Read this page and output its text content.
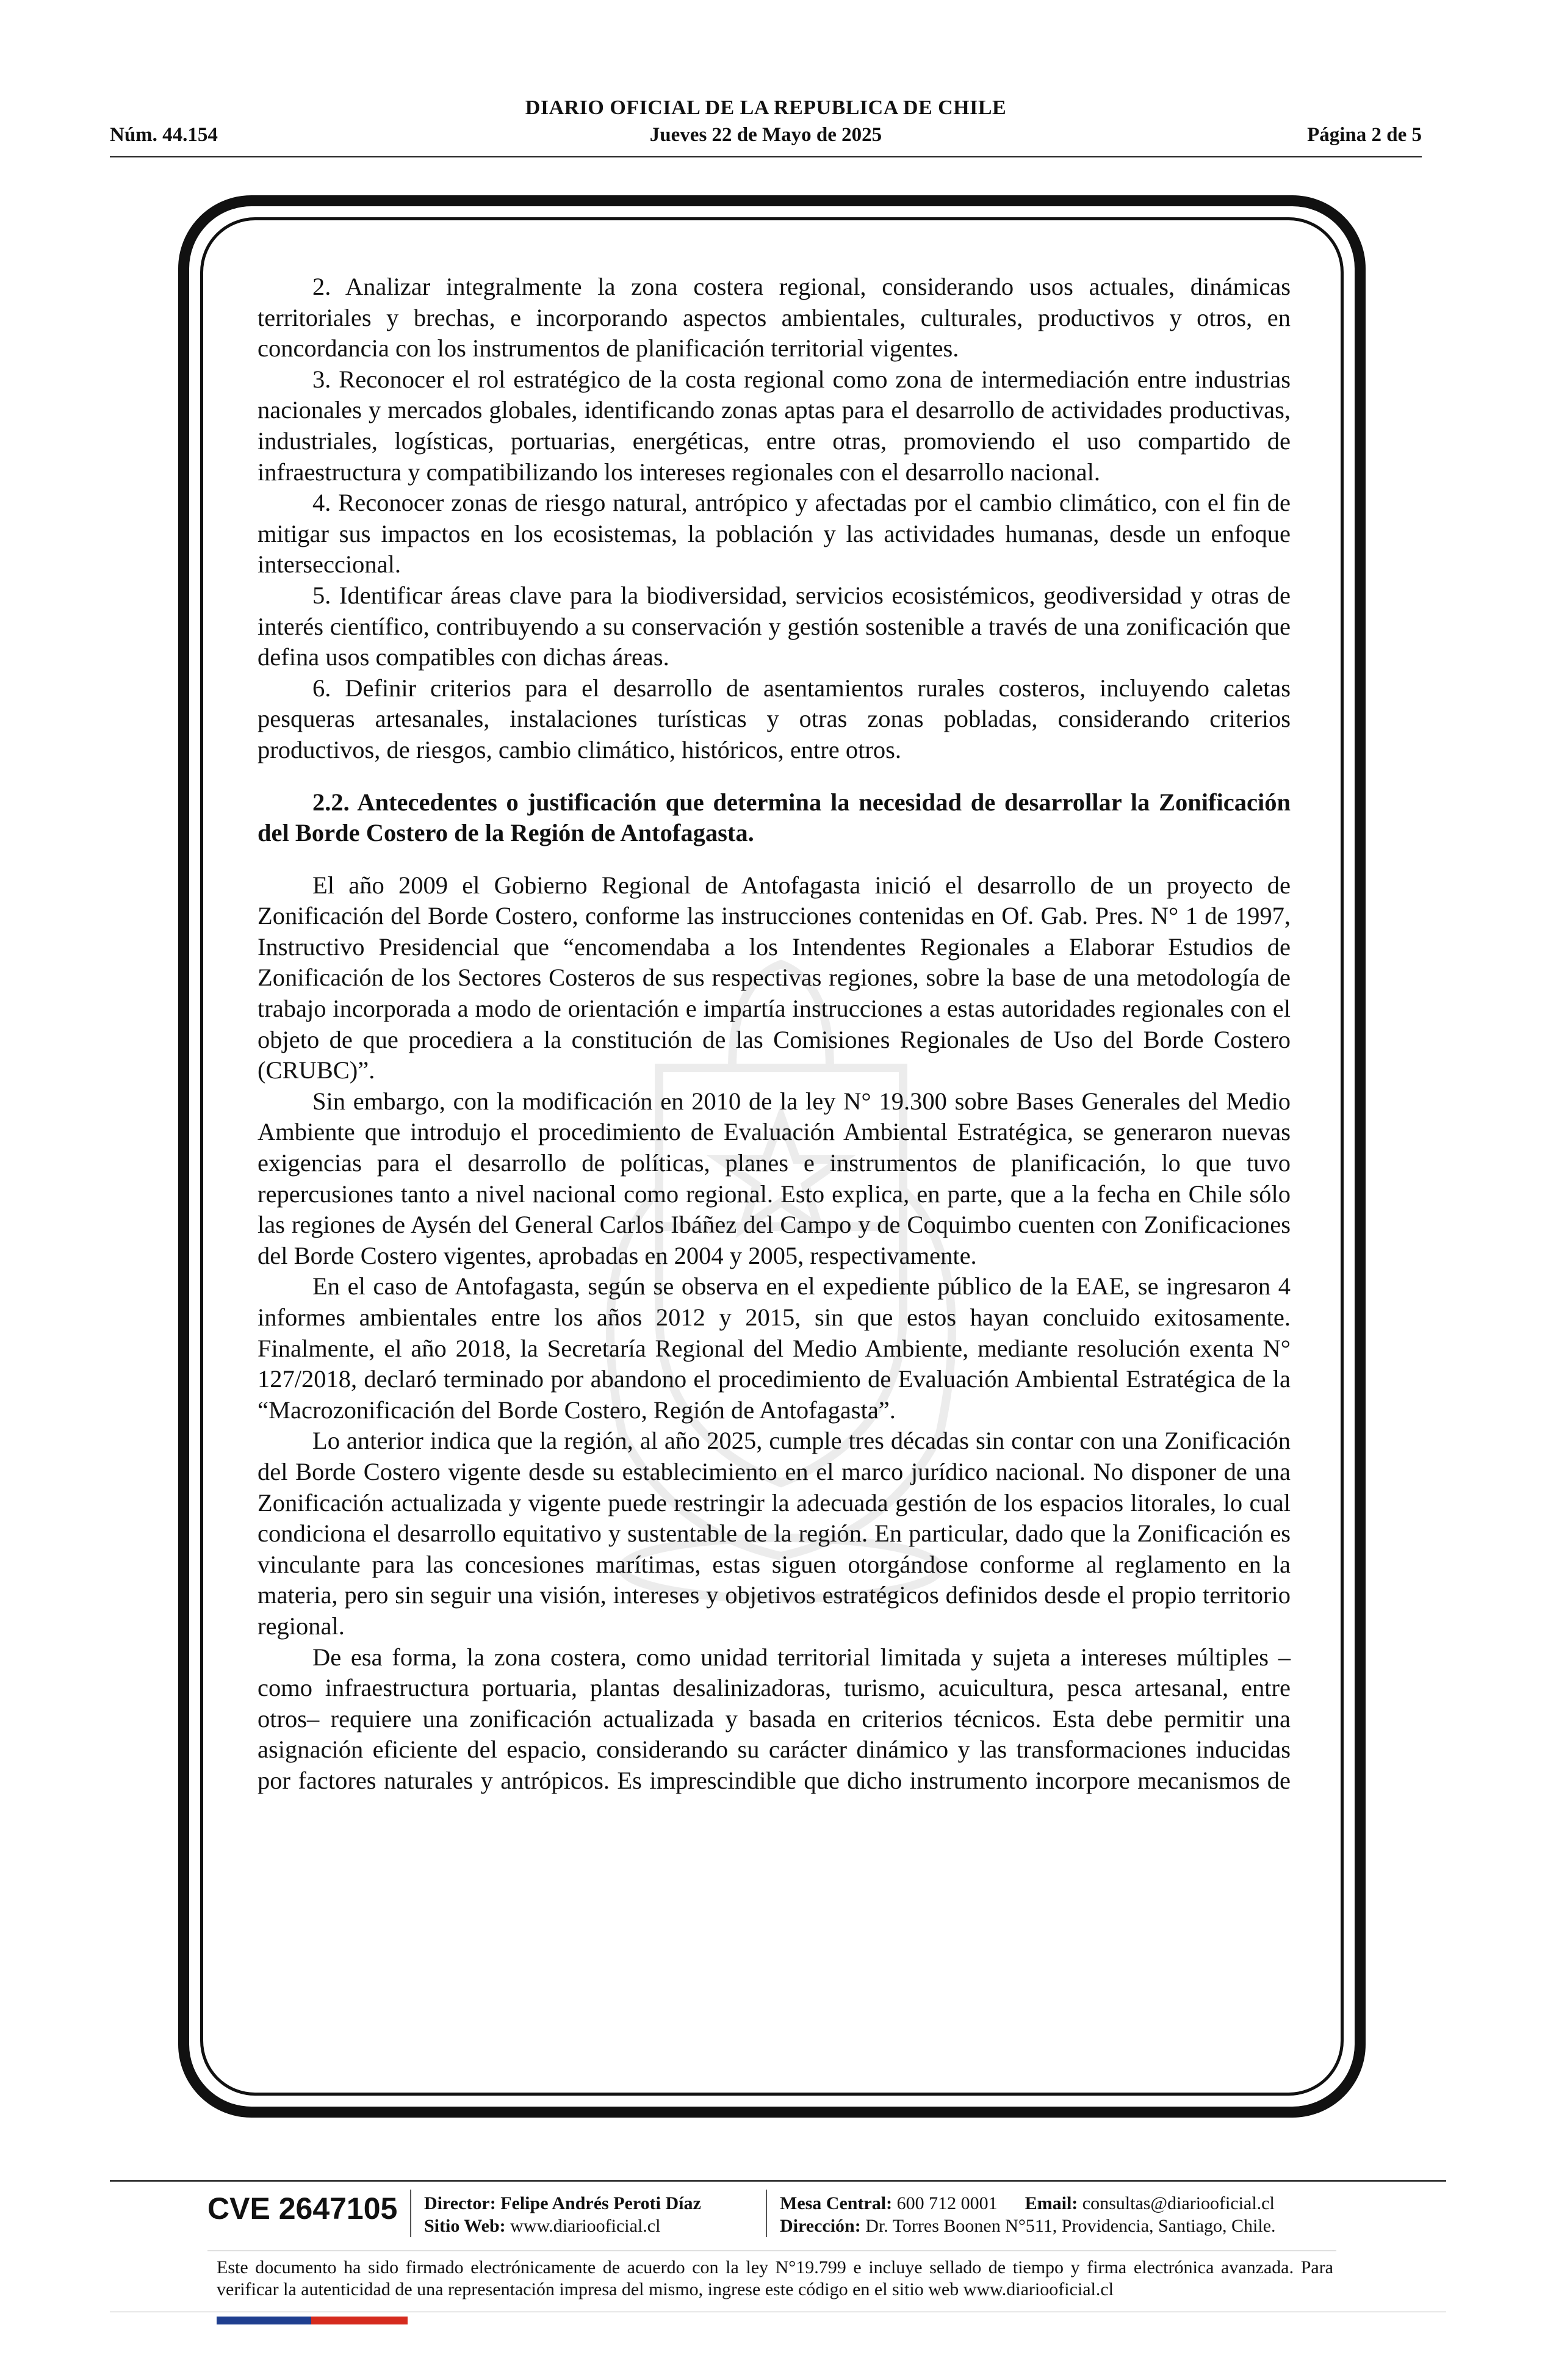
DIARIO OFICIAL DE LA REPUBLICA DE CHILE
Núm. 44.154	Jueves 22 de Mayo de 2025	Página 2 de 5

2. Analizar integralmente la zona costera regional, considerando usos actuales, dinámicas territoriales y brechas, e incorporando aspectos ambientales, culturales, productivos y otros, en concordancia con los instrumentos de planificación territorial vigentes.

3. Reconocer el rol estratégico de la costa regional como zona de intermediación entre industrias nacionales y mercados globales, identificando zonas aptas para el desarrollo de actividades productivas, industriales, logísticas, portuarias, energéticas, entre otras, promoviendo el uso compartido de infraestructura y compatibilizando los intereses regionales con el desarrollo nacional.

4. Reconocer zonas de riesgo natural, antrópico y afectadas por el cambio climático, con el fin de mitigar sus impactos en los ecosistemas, la población y las actividades humanas, desde un enfoque interseccional.

5. Identificar áreas clave para la biodiversidad, servicios ecosistémicos, geodiversidad y otras de interés científico, contribuyendo a su conservación y gestión sostenible a través de una zonificación que defina usos compatibles con dichas áreas.

6. Definir criterios para el desarrollo de asentamientos rurales costeros, incluyendo caletas pesqueras artesanales, instalaciones turísticas y otras zonas pobladas, considerando criterios productivos, de riesgos, cambio climático, históricos, entre otros.

2.2. Antecedentes o justificación que determina la necesidad de desarrollar la Zonificación del Borde Costero de la Región de Antofagasta.

El año 2009 el Gobierno Regional de Antofagasta inició el desarrollo de un proyecto de Zonificación del Borde Costero, conforme las instrucciones contenidas en Of. Gab. Pres. N° 1 de 1997, Instructivo Presidencial que “encomendaba a los Intendentes Regionales a Elaborar Estudios de Zonificación de los Sectores Costeros de sus respectivas regiones, sobre la base de una metodología de trabajo incorporada a modo de orientación e impartía instrucciones a estas autoridades regionales con el objeto de que procediera a la constitución de las Comisiones Regionales de Uso del Borde Costero (CRUBC)”.

Sin embargo, con la modificación en 2010 de la ley N° 19.300 sobre Bases Generales del Medio Ambiente que introdujo el procedimiento de Evaluación Ambiental Estratégica, se generaron nuevas exigencias para el desarrollo de políticas, planes e instrumentos de planificación, lo que tuvo repercusiones tanto a nivel nacional como regional. Esto explica, en parte, que a la fecha en Chile sólo las regiones de Aysén del General Carlos Ibáñez del Campo y de Coquimbo cuenten con Zonificaciones del Borde Costero vigentes, aprobadas en 2004 y 2005, respectivamente.

En el caso de Antofagasta, según se observa en el expediente público de la EAE, se ingresaron 4 informes ambientales entre los años 2012 y 2015, sin que estos hayan concluido exitosamente. Finalmente, el año 2018, la Secretaría Regional del Medio Ambiente, mediante resolución exenta N° 127/2018, declaró terminado por abandono el procedimiento de Evaluación Ambiental Estratégica de la “Macrozonificación del Borde Costero, Región de Antofagasta”.

Lo anterior indica que la región, al año 2025, cumple tres décadas sin contar con una Zonificación del Borde Costero vigente desde su establecimiento en el marco jurídico nacional. No disponer de una Zonificación actualizada y vigente puede restringir la adecuada gestión de los espacios litorales, lo cual condiciona el desarrollo equitativo y sustentable de la región. En particular, dado que la Zonificación es vinculante para las concesiones marítimas, estas siguen otorgándose conforme al reglamento en la materia, pero sin seguir una visión, intereses y objetivos estratégicos definidos desde el propio territorio regional.

De esa forma, la zona costera, como unidad territorial limitada y sujeta a intereses múltiples –como infraestructura portuaria, plantas desalinizadoras, turismo, acuicultura, pesca artesanal, entre otros– requiere una zonificación actualizada y basada en criterios técnicos. Esta debe permitir una asignación eficiente del espacio, considerando su carácter dinámico y las transformaciones inducidas por factores naturales y antrópicos. Es imprescindible que dicho instrumento incorpore mecanismos de

CVE 2647105 Director: Felipe Andrés Peroti Díaz
Sitio Web: www.diariooficial.cl
Mesa Central: 600 712 0001 Email: consultas@diariooficial.cl
Dirección: Dr. Torres Boonen N°511, Providencia, Santiago, Chile.
Este documento ha sido firmado electrónicamente de acuerdo con la ley N°19.799 e incluye sellado de tiempo y firma electrónica avanzada. Para verificar la autenticidad de una representación impresa del mismo, ingrese este código en el sitio web www.diariooficial.cl
